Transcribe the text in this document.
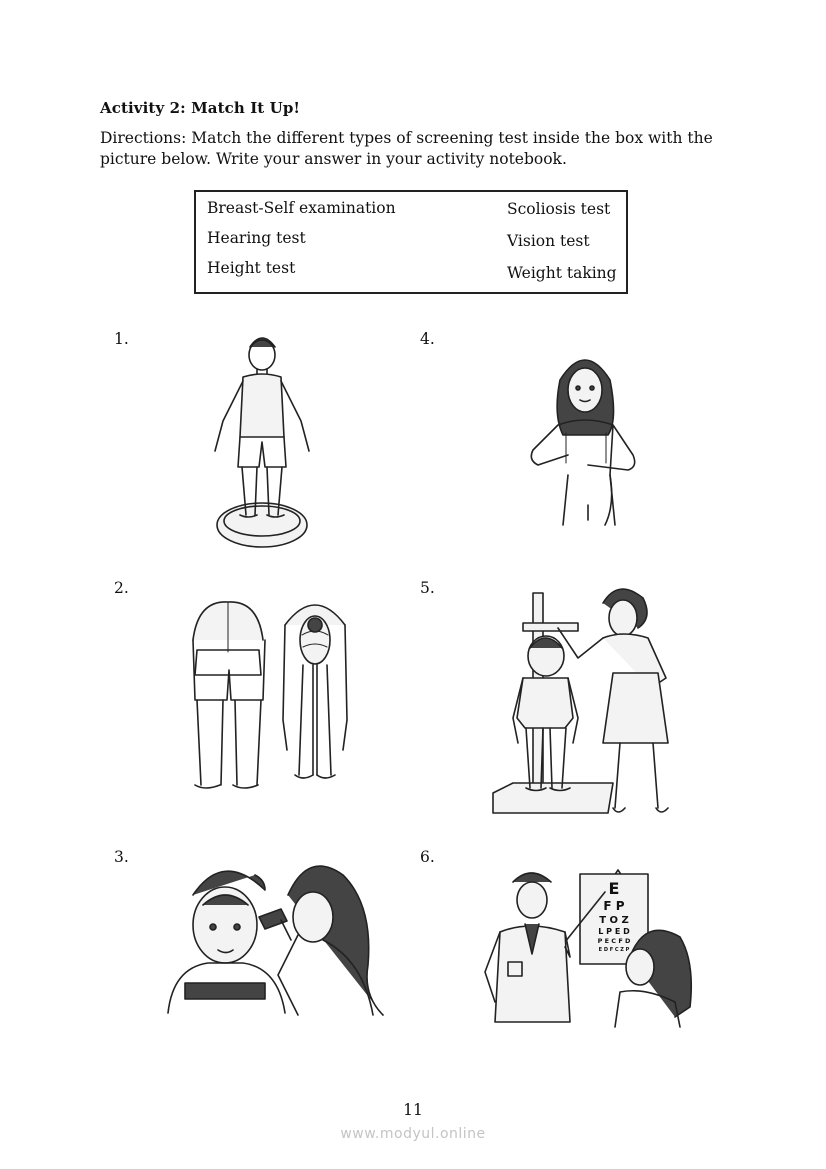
Activity 2: Match It Up!
Directions: Match the different types of screening test inside the box with the picture below. Write your answer in your activity notebook.
Breast-Self examination
Hearing test
Height test
Scoliosis test
Vision test
Weight taking
1.
2.
3.
4.
5.
6.
E
F P
T O Z
L P E D
P E C F D
E D F C Z P
11
www.modyul.online
